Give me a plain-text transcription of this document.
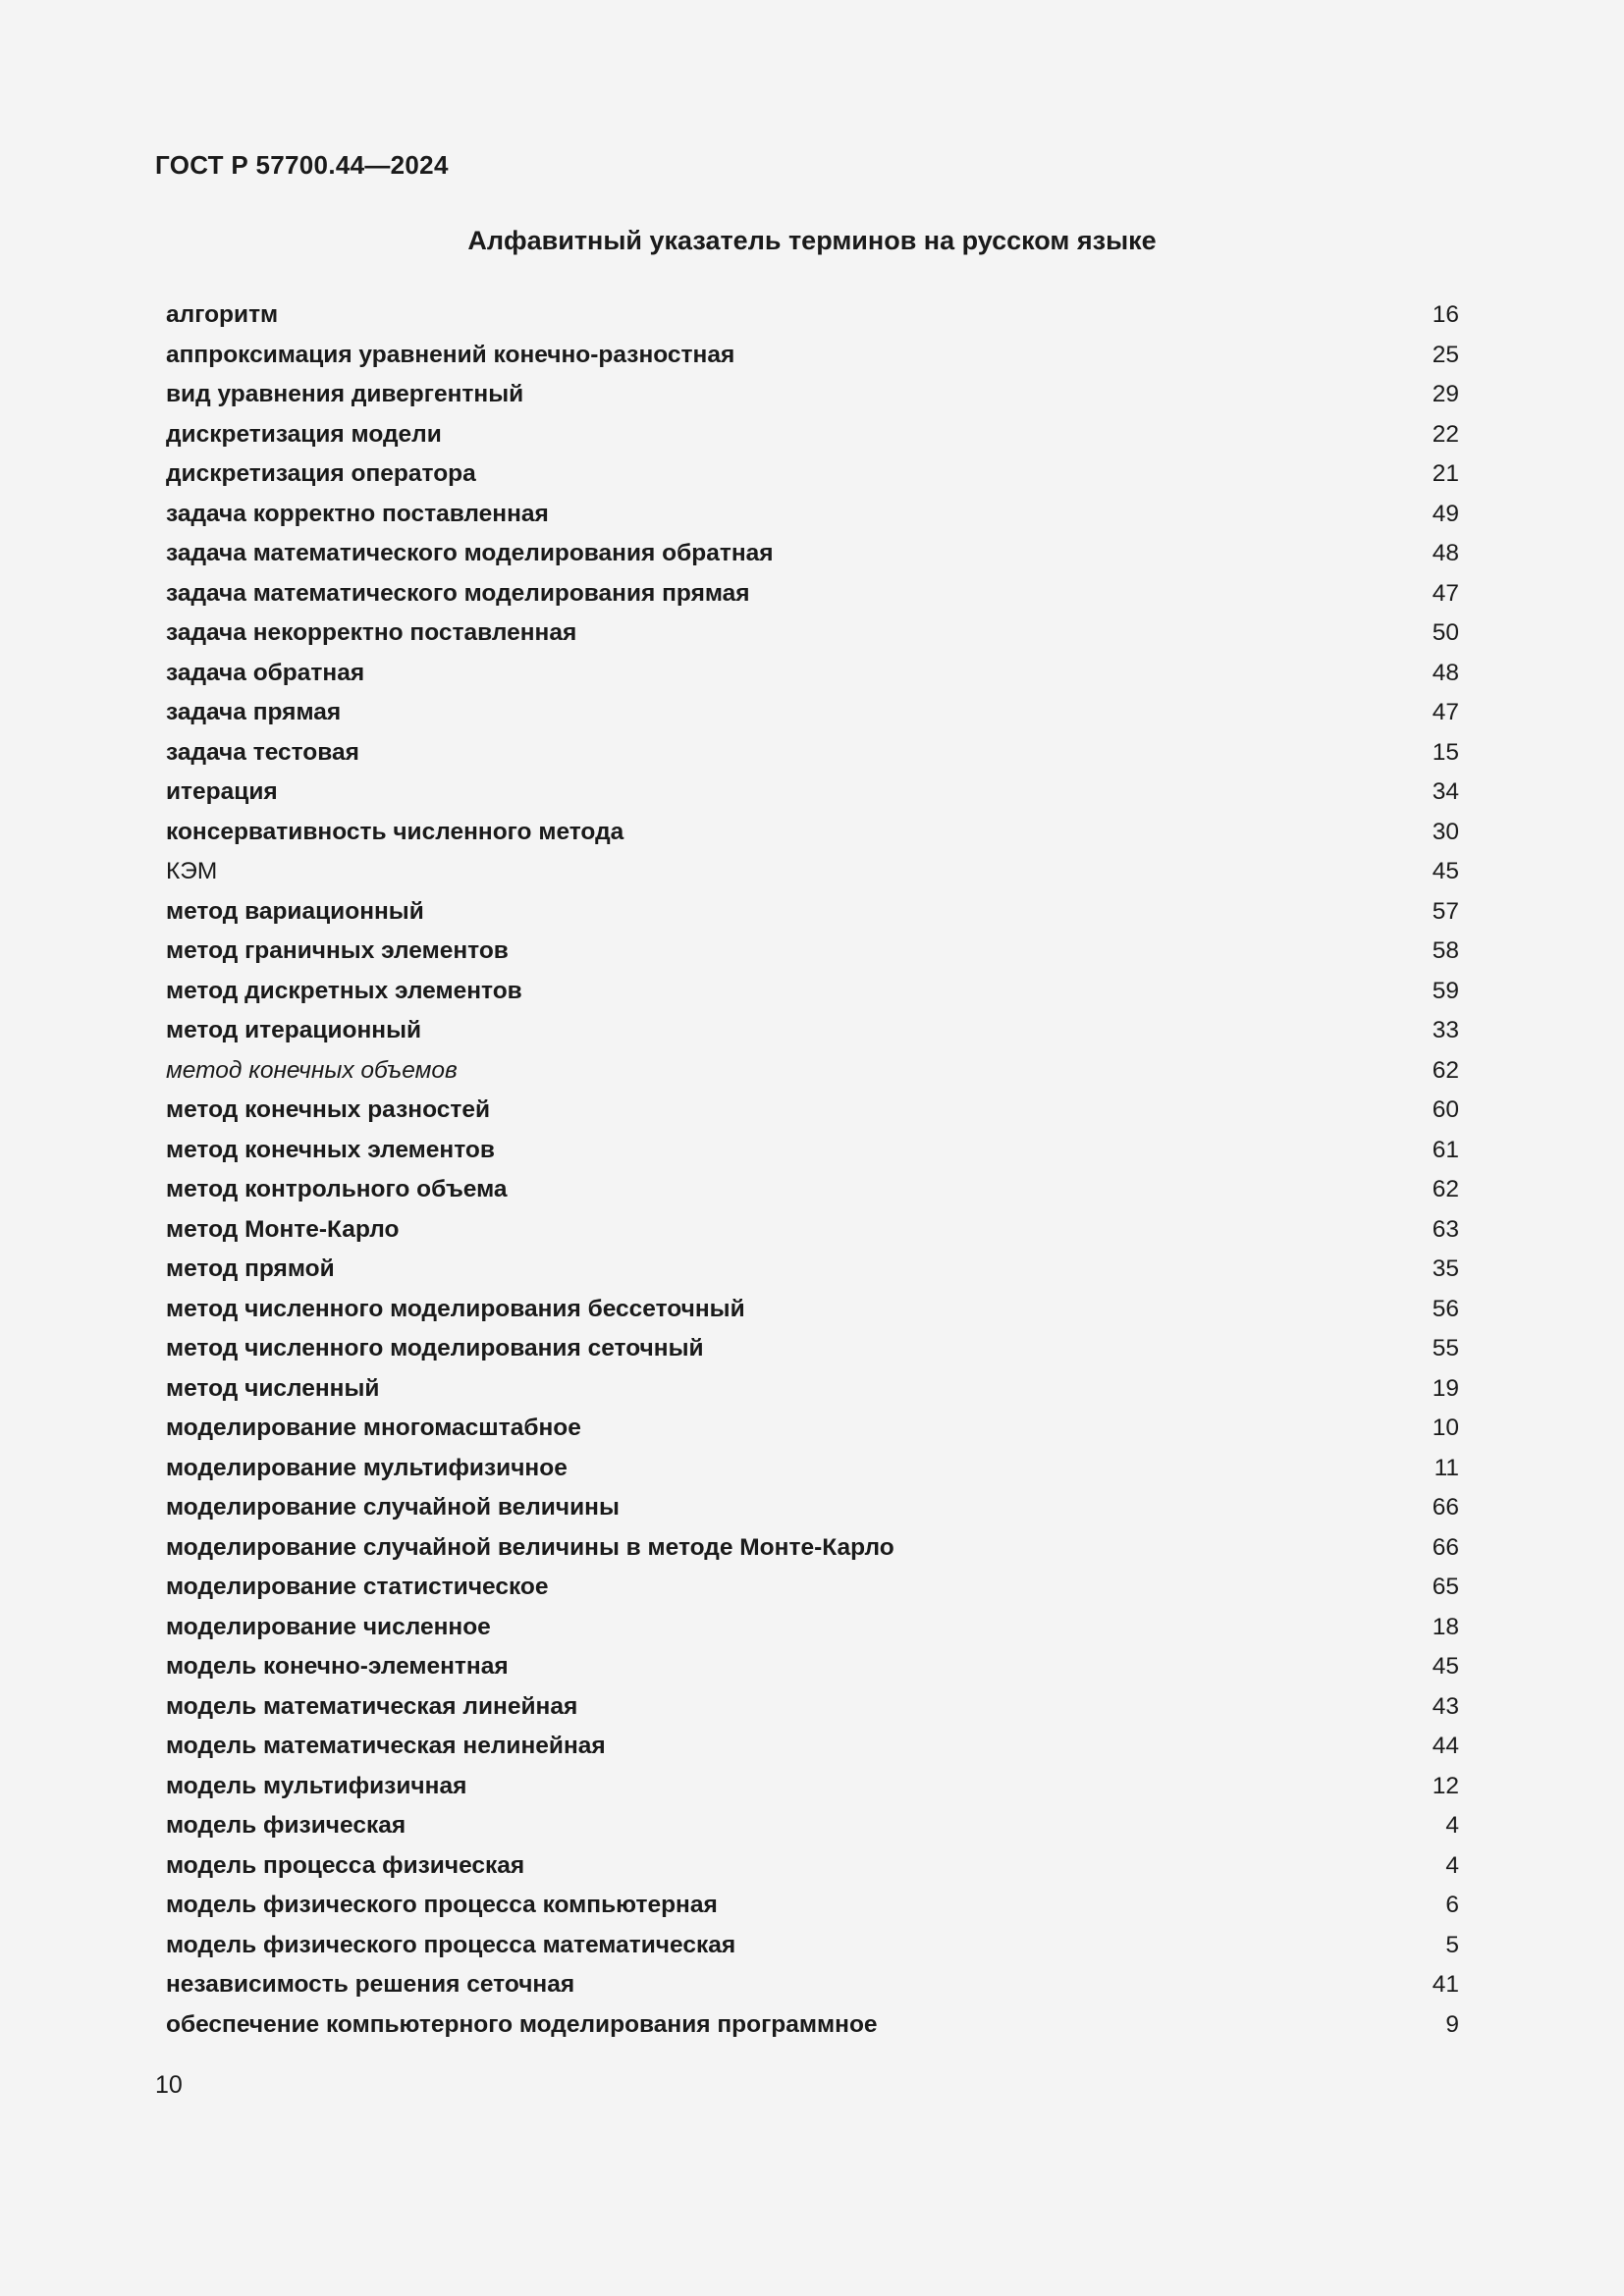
ГОСТ Р 57700.44—2024
Алфавитный указатель терминов на русском языке
алгоритм	16
аппроксимация уравнений конечно-разностная	25
вид уравнения дивергентный	29
дискретизация модели	22
дискретизация оператора	21
задача корректно поставленная	49
задача математического моделирования обратная	48
задача математического моделирования прямая	47
задача некорректно поставленная	50
задача обратная	48
задача прямая	47
задача тестовая	15
итерация	34
консервативность численного метода	30
КЭМ	45
метод вариационный	57
метод граничных элементов	58
метод дискретных элементов	59
метод итерационный	33
метод конечных объемов	62
метод конечных разностей	60
метод конечных элементов	61
метод контрольного объема	62
метод Монте-Карло	63
метод прямой	35
метод численного моделирования бессеточный	56
метод численного моделирования сеточный	55
метод численный	19
моделирование многомасштабное	10
моделирование мультифизичное	11
моделирование случайной величины	66
моделирование случайной величины в методе Монте-Карло	66
моделирование статистическое	65
моделирование численное	18
модель конечно-элементная	45
модель математическая линейная	43
модель математическая нелинейная	44
модель мультифизичная	12
модель физическая	4
модель процесса физическая	4
модель физического процесса компьютерная	6
модель физического процесса математическая	5
независимость решения сеточная	41
обеспечение компьютерного моделирования программное	9
10
